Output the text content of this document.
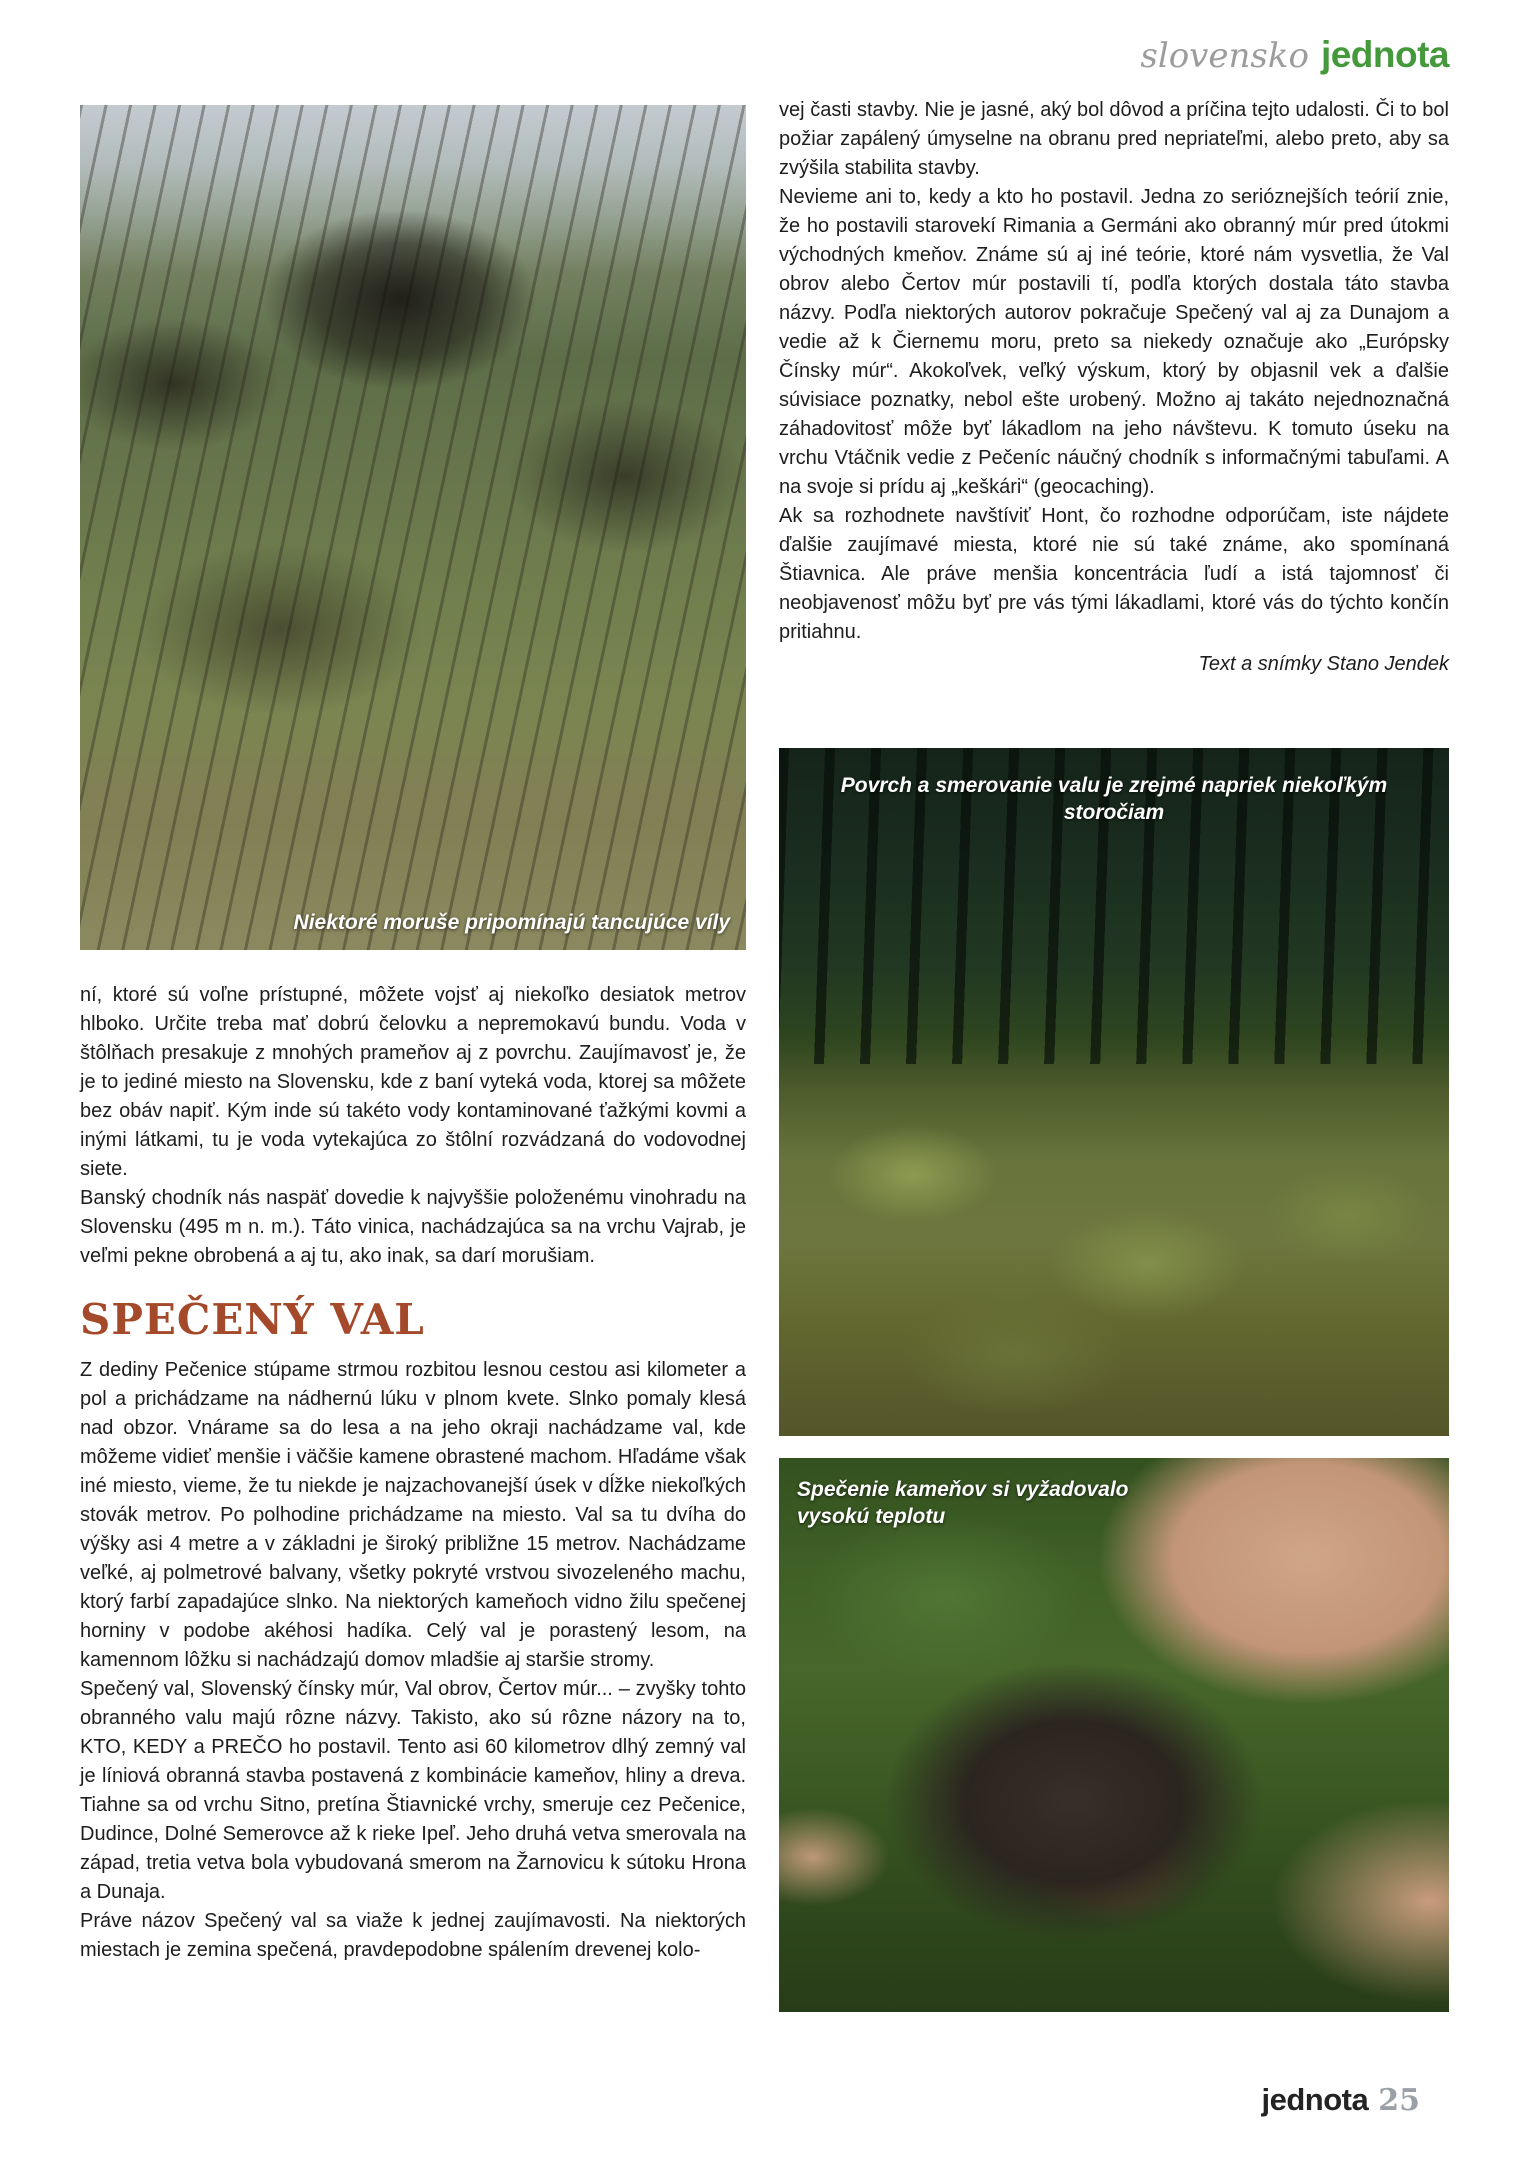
slovensko jednota
Niektoré moruše pripomínajú tancujúce víly

vej časti stavby. Nie je jasné, aký bol dôvod a príčina tejto udalosti. Či to bol požiar zapálený úmyselne na obranu pred nepriateľmi, alebo preto, aby sa zvýšila stabilita stavby.

Nevieme ani to, kedy a kto ho postavil. Jedna zo serióznejších teórií znie, že ho postavili starovekí Rimania a Germáni ako obranný múr pred útokmi východných kmeňov. Známe sú aj iné teórie, ktoré nám vysvetlia, že Val obrov alebo Čertov múr postavili tí, podľa ktorých dostala táto stavba názvy. Podľa niektorých autorov pokračuje Spečený val aj za Dunajom a vedie až k Čiernemu moru, preto sa niekedy označuje ako „Európsky Čínsky múr“. Akokoľvek, veľký výskum, ktorý by objasnil vek a ďalšie súvisiace poznatky, nebol ešte urobený. Možno aj takáto nejednoznačná záhadovitosť môže byť lákadlom na jeho návštevu. K tomuto úseku na vrchu Vtáčnik vedie z Pečeníc náučný chodník s informačnými tabuľami. A na svoje si prídu aj „keškári“ (geocaching).

Ak sa rozhodnete navštíviť Hont, čo rozhodne odporúčam, iste nájdete ďalšie zaujímavé miesta, ktoré nie sú také známe, ako spomínaná Štiavnica. Ale práve menšia koncentrácia ľudí a istá tajomnosť či neobjavenosť môžu byť pre vás tými lákadlami, ktoré vás do týchto končín pritiahnu.

Text a snímky Stano Jendek
Povrch a smerovanie valu je zrejmé napriek niekoľkým storočiam
Spečenie kameňov si vyžadovalo vysokú teplotu

ní, ktoré sú voľne prístupné, môžete vojsť aj niekoľko desiatok metrov hlboko. Určite treba mať dobrú čelovku a nepremokavú bundu. Voda v štôlňach presakuje z mnohých prameňov aj z povrchu. Zaujímavosť je, že je to jediné miesto na Slovensku, kde z baní vyteká voda, ktorej sa môžete bez obáv napiť. Kým inde sú takéto vody kontaminované ťažkými kovmi a inými látkami, tu je voda vytekajúca zo štôlní rozvádzaná do vodovodnej siete.

Banský chodník nás naspäť dovedie k najvyššie položenému vinohradu na Slovensku (495 m n. m.). Táto vinica, nachádzajúca sa na vrchu Vajrab, je veľmi pekne obrobená a aj tu, ako inak, sa darí morušiam.

SPEČENÝ VAL

Z dediny Pečenice stúpame strmou rozbitou lesnou cestou asi kilometer a pol a prichádzame na nádhernú lúku v plnom kvete. Slnko pomaly klesá nad obzor. Vnárame sa do lesa a na jeho okraji nachádzame val, kde môžeme vidieť menšie i väčšie kamene obrastené machom. Hľadáme však iné miesto, vieme, že tu niekde je najzachovanejší úsek v dĺžke niekoľkých stovák metrov. Po polhodine prichádzame na miesto. Val sa tu dvíha do výšky asi 4 metre a v základni je široký približne 15 metrov. Nachádzame veľké, aj polmetrové balvany, všetky pokryté vrstvou sivozeleného machu, ktorý farbí zapadajúce slnko. Na niektorých kameňoch vidno žilu spečenej horniny v podobe akéhosi hadíka. Celý val je porastený lesom, na kamennom lôžku si nachádzajú domov mladšie aj staršie stromy.

Spečený val, Slovenský čínsky múr, Val obrov, Čertov múr... – zvyšky tohto obranného valu majú rôzne názvy. Takisto, ako sú rôzne názory na to, KTO, KEDY a PREČO ho postavil. Tento asi 60 kilometrov dlhý zemný val je líniová obranná stavba postavená z kombinácie kameňov, hliny a dreva. Tiahne sa od vrchu Sitno, pretína Štiavnické vrchy, smeruje cez Pečenice, Dudince, Dolné Semerovce až k rieke Ipeľ. Jeho druhá vetva smerovala na západ, tretia vetva bola vybudovaná smerom na Žarnovicu k sútoku Hrona a Dunaja.

Práve názov Spečený val sa viaže k jednej zaujímavosti. Na niektorých miestach je zemina spečená, pravdepodobne spálením drevenej kolo-

jednota 25
